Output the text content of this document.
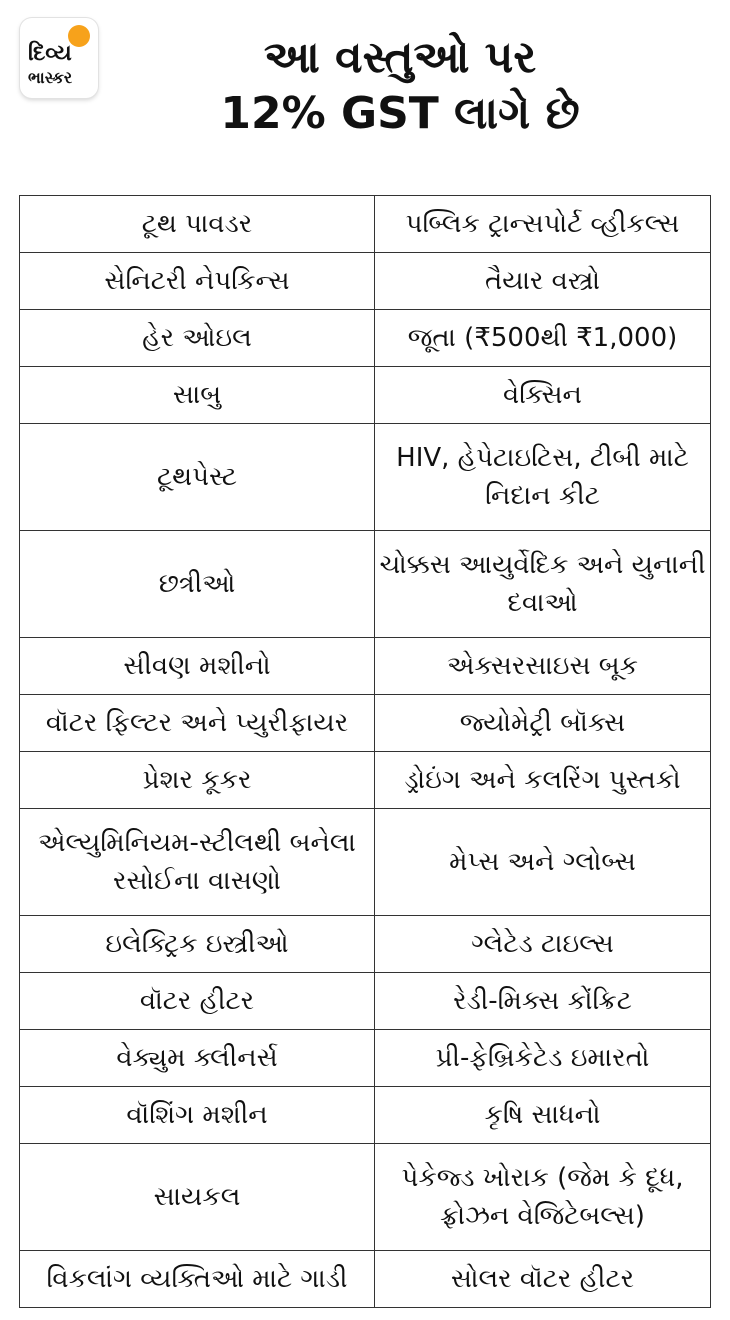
દિવ્ય
ભાસ્કર	આ વસ્તુઓ પર
12% GST લાગે છે
ટૂથ પાવડર	પબ્લિક ટ્રાન્સપોર્ટ વ્હીકલ્સ
સેનિટરી નેપકિન્સ	તૈયાર વસ્ત્રો
હેર ઓઇલ	જૂતા (₹500થી ₹1,000)
સાબુ	વેક્સિન
ટૂથપેસ્ટ	HIV, હેપેટાઇટિસ, ટીબી માટે નિદાન કીટ
છત્રીઓ	ચોક્કસ આયુર્વેદિક અને યુનાની દવાઓ
સીવણ મશીનો	એક્સરસાઇસ બૂક
વૉટર ફિલ્ટર અને પ્યુરીફાયર	જ્યોમેટ્રી બૉક્સ
પ્રેશર કૂકર	ડ્રોઇંગ અને કલરિંગ પુસ્તકો
એલ્યુમિનિયમ-સ્ટીલથી બનેલા રસોઈના વાસણો	મેપ્સ અને ગ્લોબ્સ
ઇલેક્ટ્રિક ઇસ્ત્રીઓ	ગ્લેટેડ ટાઇલ્સ
વૉટર હીટર	રેડી-મિક્સ કોંક્રિટ
વેક્યુમ ક્લીનર્સ	પ્રી-ફેબ્રિકેટેડ ઇમારતો
વૉશિંગ મશીન	કૃષિ સાધનો
સાયકલ	પેકેજ્ડ ખોરાક (જેમ કે દૂધ, ફ્રોઝન વેજિટેબલ્સ)
વિકલાંગ વ્યક્તિઓ માટે ગાડી	સોલર વૉટર હીટર
